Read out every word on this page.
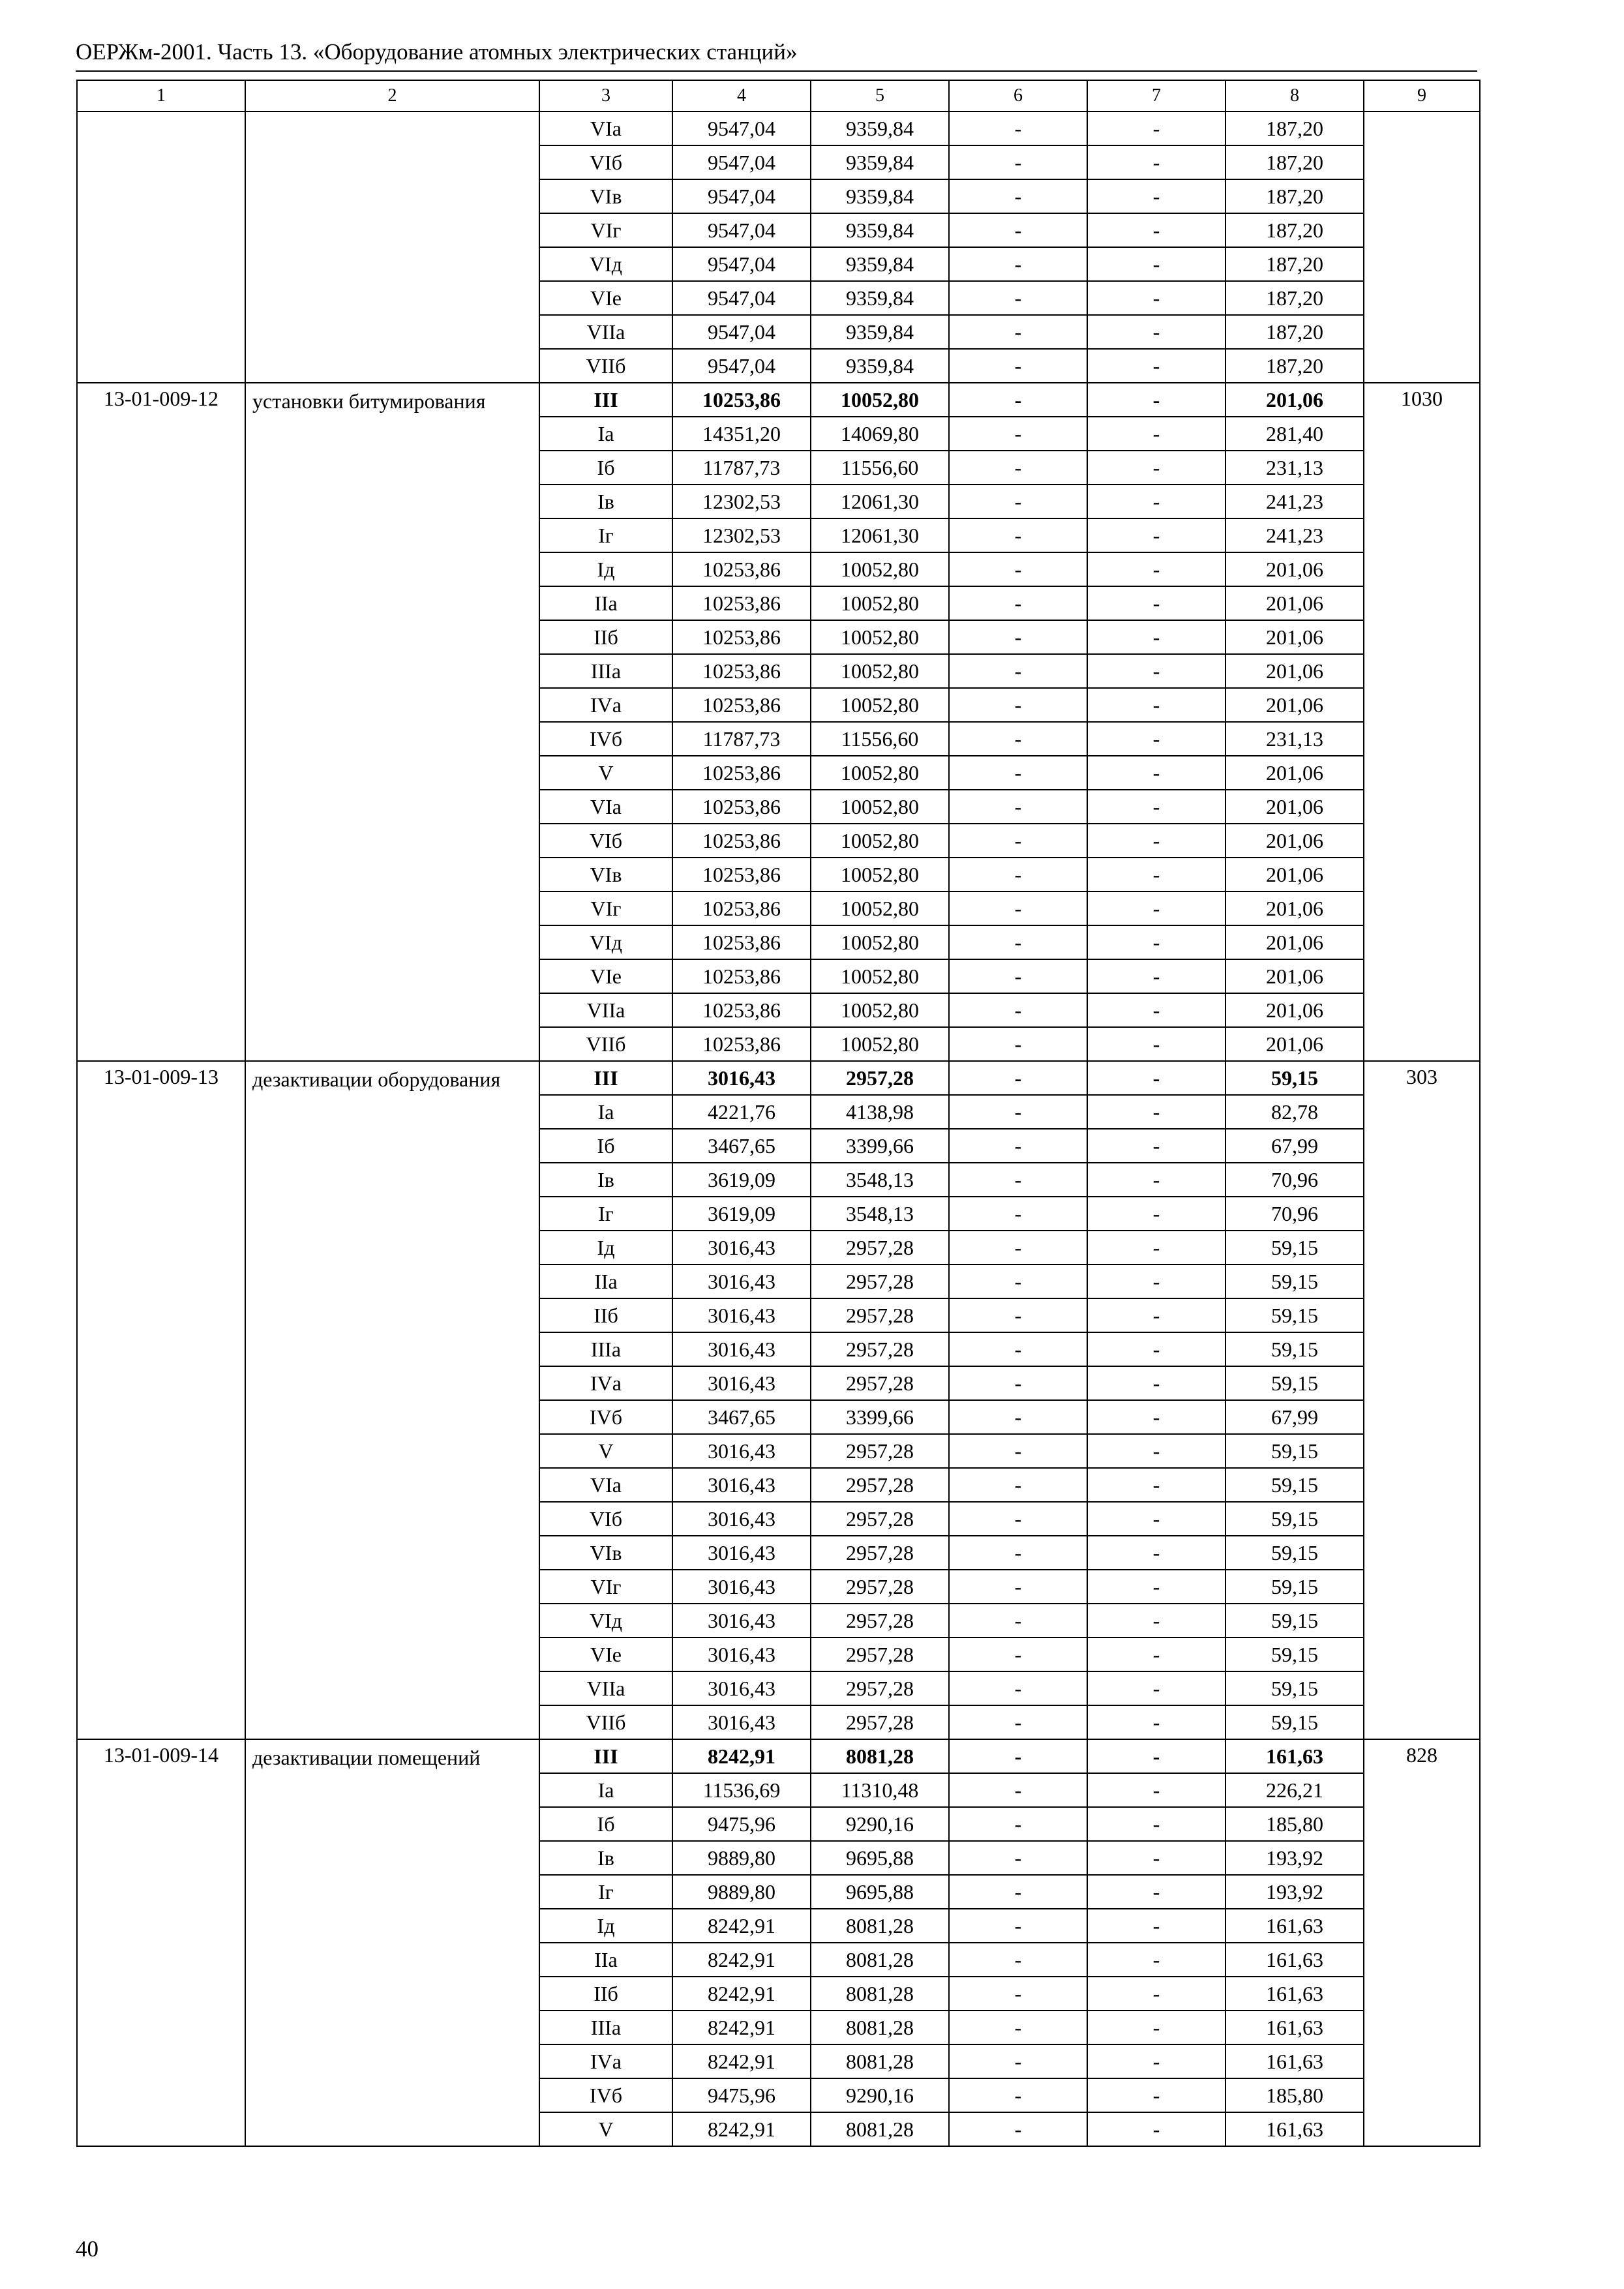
ОЕРЖм-2001. Часть 13. «Оборудование атомных электрических станций»
1	2	3	4	5	6	7	8	9
		VIа	9547,04	9359,84	-	-	187,20	
		VIб	9547,04	9359,84	-	-	187,20	
		VIв	9547,04	9359,84	-	-	187,20	
		VIг	9547,04	9359,84	-	-	187,20	
		VIд	9547,04	9359,84	-	-	187,20	
		VIе	9547,04	9359,84	-	-	187,20	
		VIIа	9547,04	9359,84	-	-	187,20	
		VIIб	9547,04	9359,84	-	-	187,20	
13-01-009-12	установки битумирования	III	10253,86	10052,80	-	-	201,06	1030
		Iа	14351,20	14069,80	-	-	281,40	
		Iб	11787,73	11556,60	-	-	231,13	
		Iв	12302,53	12061,30	-	-	241,23	
		Iг	12302,53	12061,30	-	-	241,23	
		Iд	10253,86	10052,80	-	-	201,06	
		IIа	10253,86	10052,80	-	-	201,06	
		IIб	10253,86	10052,80	-	-	201,06	
		IIIа	10253,86	10052,80	-	-	201,06	
		IVа	10253,86	10052,80	-	-	201,06	
		IVб	11787,73	11556,60	-	-	231,13	
		V	10253,86	10052,80	-	-	201,06	
		VIа	10253,86	10052,80	-	-	201,06	
		VIб	10253,86	10052,80	-	-	201,06	
		VIв	10253,86	10052,80	-	-	201,06	
		VIг	10253,86	10052,80	-	-	201,06	
		VIд	10253,86	10052,80	-	-	201,06	
		VIе	10253,86	10052,80	-	-	201,06	
		VIIа	10253,86	10052,80	-	-	201,06	
		VIIб	10253,86	10052,80	-	-	201,06	
13-01-009-13	дезактивации оборудования	III	3016,43	2957,28	-	-	59,15	303
		Iа	4221,76	4138,98	-	-	82,78	
		Iб	3467,65	3399,66	-	-	67,99	
		Iв	3619,09	3548,13	-	-	70,96	
		Iг	3619,09	3548,13	-	-	70,96	
		Iд	3016,43	2957,28	-	-	59,15	
		IIа	3016,43	2957,28	-	-	59,15	
		IIб	3016,43	2957,28	-	-	59,15	
		IIIа	3016,43	2957,28	-	-	59,15	
		IVа	3016,43	2957,28	-	-	59,15	
		IVб	3467,65	3399,66	-	-	67,99	
		V	3016,43	2957,28	-	-	59,15	
		VIа	3016,43	2957,28	-	-	59,15	
		VIб	3016,43	2957,28	-	-	59,15	
		VIв	3016,43	2957,28	-	-	59,15	
		VIг	3016,43	2957,28	-	-	59,15	
		VIд	3016,43	2957,28	-	-	59,15	
		VIе	3016,43	2957,28	-	-	59,15	
		VIIа	3016,43	2957,28	-	-	59,15	
		VIIб	3016,43	2957,28	-	-	59,15	
13-01-009-14	дезактивации помещений	III	8242,91	8081,28	-	-	161,63	828
		Iа	11536,69	11310,48	-	-	226,21	
		Iб	9475,96	9290,16	-	-	185,80	
		Iв	9889,80	9695,88	-	-	193,92	
		Iг	9889,80	9695,88	-	-	193,92	
		Iд	8242,91	8081,28	-	-	161,63	
		IIа	8242,91	8081,28	-	-	161,63	
		IIб	8242,91	8081,28	-	-	161,63	
		IIIа	8242,91	8081,28	-	-	161,63	
		IVа	8242,91	8081,28	-	-	161,63	
		IVб	9475,96	9290,16	-	-	185,80	
		V	8242,91	8081,28	-	-	161,63	
40
